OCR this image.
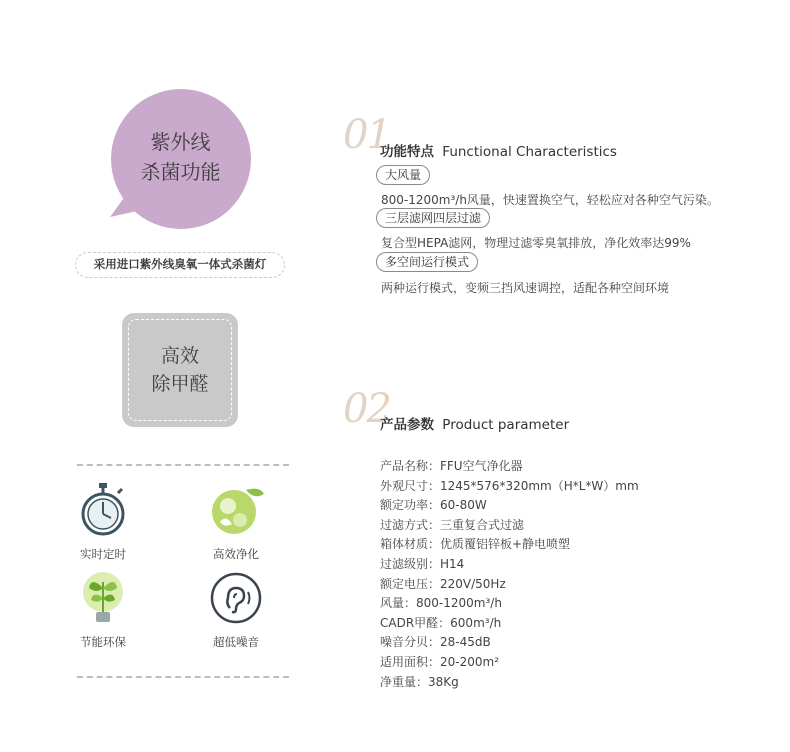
紫外线
杀菌功能
采用进口紫外线臭氧一体式杀菌灯
高效
除甲醛
实时定时	高效净化
节能环保	超低噪音
01
功能特点 Functional Characteristics
大风量
800-1200m³/h风量，快速置换空气，轻松应对各种空气污染。
三层滤网四层过滤
复合型HEPA滤网，物理过滤零臭氧排放，净化效率达99%
多空间运行模式
两种运行模式，变频三挡风速调控，适配各种空间环境
02
产品参数 Product parameter
产品名称：FFU空气净化器
外观尺寸：1245*576*320mm（H*L*W）mm
额定功率：60-80W
过滤方式：三重复合式过滤
箱体材质：优质覆铝锌板+静电喷塑
过滤级别：H14
额定电压：220V/50Hz
风量：800-1200m³/h
CADR甲醛：600m³/h
噪音分贝：28-45dB
适用面积：20-200m²
净重量：38Kg
